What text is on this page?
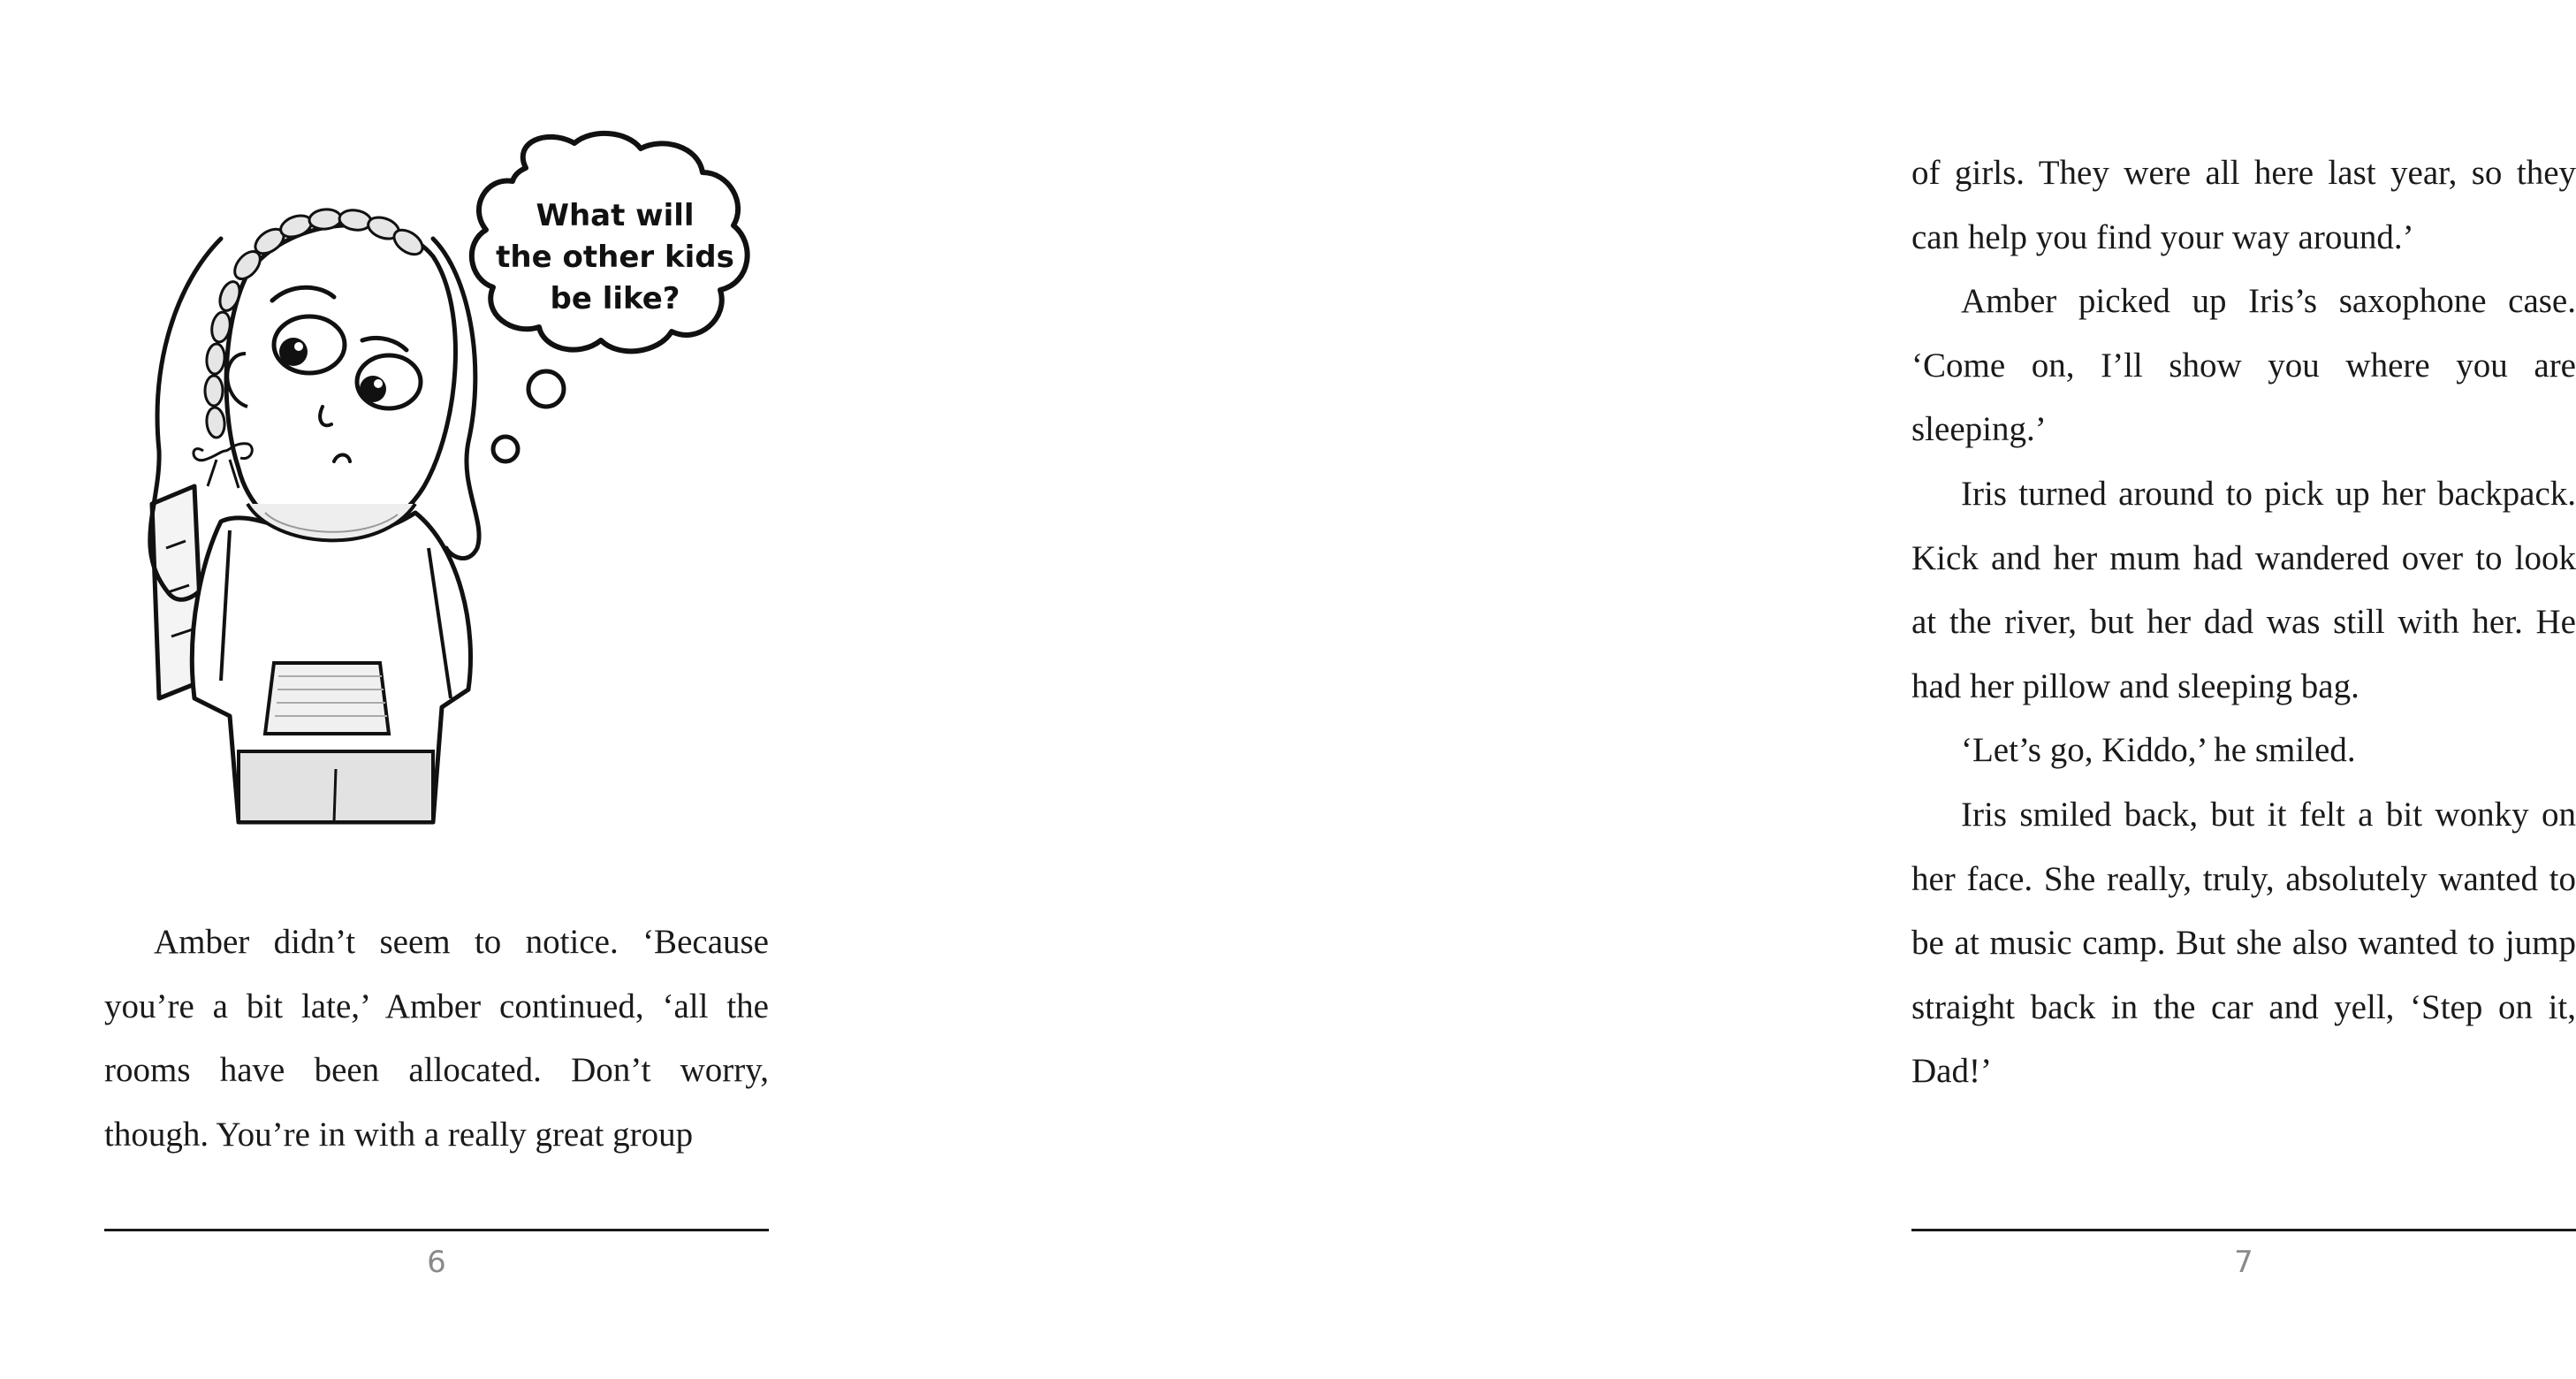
What will
the other kids
be like?

Amber didn’t seem to notice. ‘Because you’re a bit late,’ Amber continued, ‘all the rooms have been allocated. Don’t worry, though. You’re in with a really great group

6

of girls. They were all here last year, so they can help you find your way around.’

Amber picked up Iris’s saxophone case. ‘Come on, I’ll show you where you are sleeping.’

Iris turned around to pick up her backpack. Kick and her mum had wandered over to look at the river, but her dad was still with her. He had her pillow and sleeping bag.

‘Let’s go, Kiddo,’ he smiled.

Iris smiled back, but it felt a bit wonky on her face. She really, truly, absolutely wanted to be at music camp. But she also wanted to jump straight back in the car and yell, ‘Step on it, Dad!’

7
